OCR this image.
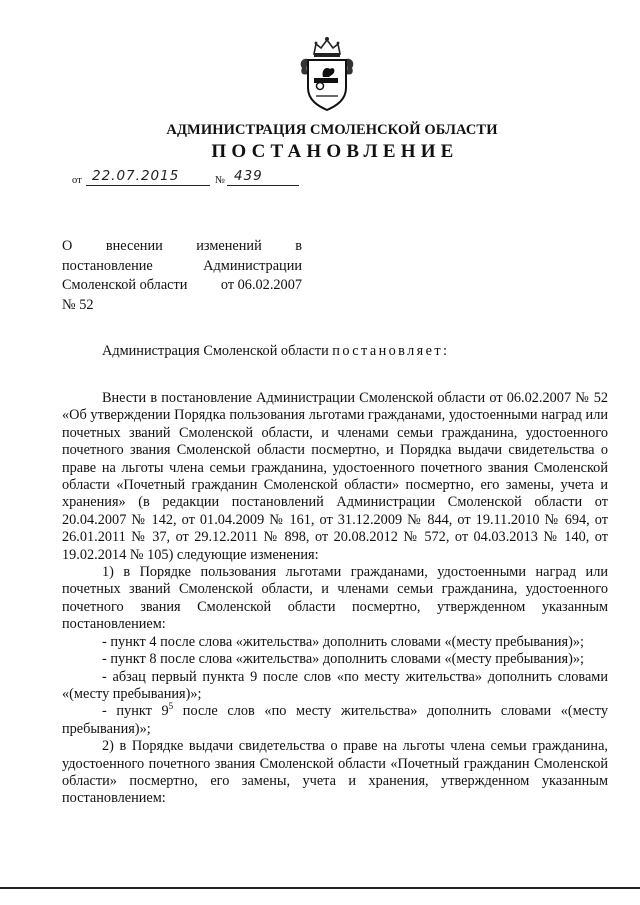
АДМИНИСТРАЦИЯ СМОЛЕНСКОЙ ОБЛАСТИ
ПОСТАНОВЛЕНИЕ
от 22.07.2015	№ 439
О внесении изменений в
постановление Администрации
Смоленской области от 06.02.2007
№ 52
Администрация Смоленской области постановляет:

Внести в постановление Администрации Смоленской области от 06.02.2007 № 52 «Об утверждении Порядка пользования льготами гражданами, удостоенными наград или почетных званий Смоленской области, и членами семьи гражданина, удостоенного почетного звания Смоленской области посмертно, и Порядка выдачи свидетельства о праве на льготы члена семьи гражданина, удостоенного почетного звания Смоленской области «Почетный гражданин Смоленской области» посмертно, его замены, учета и хранения» (в редакции постановлений Администрации Смоленской области от 20.04.2007 № 142, от 01.04.2009 № 161, от 31.12.2009 № 844, от 19.11.2010 № 694, от 26.01.2011 № 37, от 29.12.2011 № 898, от 20.08.2012 № 572, от 04.03.2013 № 140, от 19.02.2014 № 105) следующие изменения:

1) в Порядке пользования льготами гражданами, удостоенными наград или почетных званий Смоленской области, и членами семьи гражданина, удостоенного почетного звания Смоленской области посмертно, утвержденном указанным постановлением:

- пункт 4 после слова «жительства» дополнить словами «(месту пребывания)»;

- пункт 8 после слова «жительства» дополнить словами «(месту пребывания)»;

- абзац первый пункта 9 после слов «по месту жительства» дополнить словами «(месту пребывания)»;

- пункт $9^5$ после слов «по месту жительства» дополнить словами «(месту пребывания)»;

2) в Порядке выдачи свидетельства о праве на льготы члена семьи гражданина, удостоенного почетного звания Смоленской области «Почетный гражданин Смоленской области» посмертно, его замены, учета и хранения, утвержденном указанным постановлением:
